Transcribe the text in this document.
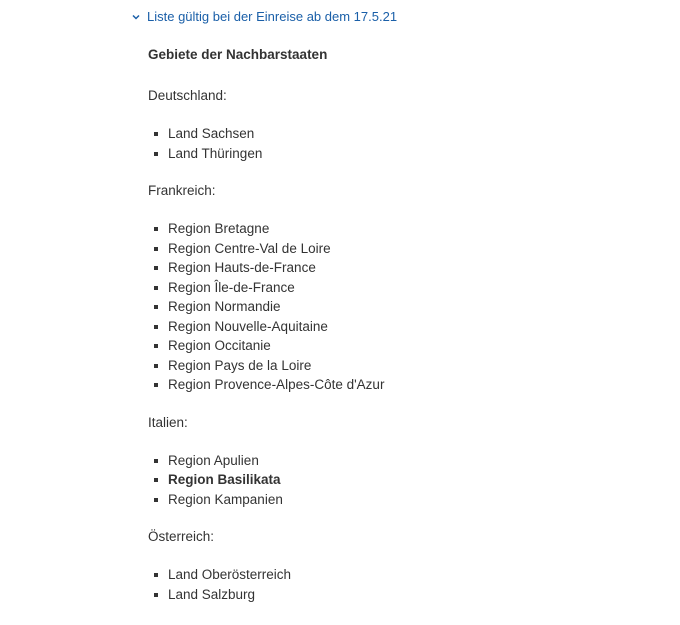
Liste gültig bei der Einreise ab dem 17.5.21
Gebiete der Nachbarstaaten
Deutschland:
Land Sachsen
Land Thüringen
Frankreich:
Region Bretagne
Region Centre-Val de Loire
Region Hauts-de-France
Region Île-de-France
Region Normandie
Region Nouvelle-Aquitaine
Region Occitanie
Region Pays de la Loire
Region Provence-Alpes-Côte d'Azur
Italien:
Region Apulien
Region Basilikata
Region Kampanien
Österreich:
Land Oberösterreich
Land Salzburg
